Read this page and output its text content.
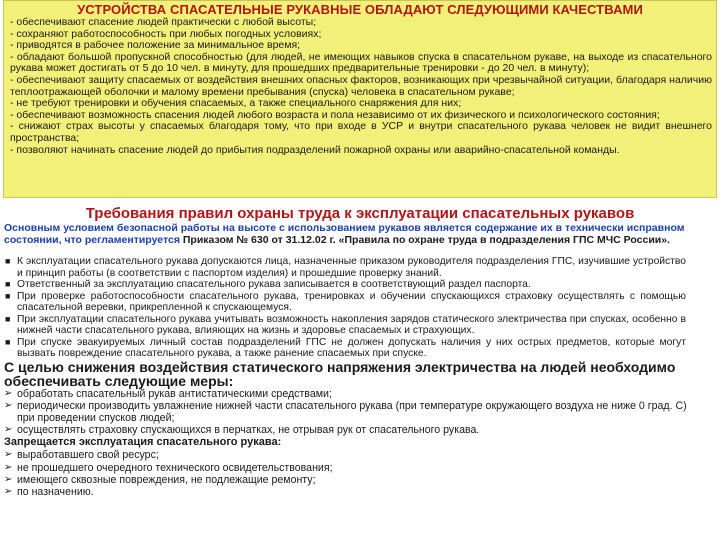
УСТРОЙСТВА СПАСАТЕЛЬНЫЕ РУКАВНЫЕ ОБЛАДАЮТ СЛЕДУЮЩИМИ КАЧЕСТВАМИ
- обеспечивают спасение людей практически с любой высоты;
- сохраняют работоспособность при любых погодных условиях;
- приводятся в рабочее положение за минимальное время;
- обладают большой пропускной способностью (для людей, не имеющих навыков спуска в спасательном рукаве, на выходе из спасательного рукава может достигать от 5 до 10 чел. в минуту, для прошедших предварительные тренировки - до 20 чел. в минуту);
- обеспечивают защиту спасаемых от воздействия внешних опасных факторов, возникающих при чрезвычайной ситуации, благодаря наличию теплоотражающей оболочки и малому времени пребывания (спуска) человека в спасательном рукаве;
- не требуют тренировки и обучения спасаемых, а также специального снаряжения для них;
- обеспечивают возможность спасения людей любого возраста и пола независимо от их физического и психологического состояния;
- снижают страх высоты у спасаемых благодаря тому, что при входе в УСР и внутри спасательного рукава человек не видит внешнего пространства;
- позволяют начинать спасение людей до прибытия подразделений пожарной охраны или аварийно-спасательной команды.
Требования правил охраны труда к эксплуатации спасательных рукавов

Основным условием безопасной работы на высоте с использованием рукавов является содержание их в технически исправном состоянии, что регламентируется Приказом № 630 от 31.12.02 г. «Правила по охране труда в подразделения ГПС МЧС России».

■ К эксплуатации спасательного рукава допускаются лица, назначенные приказом руководителя подразделения ГПС, изучившие устройство и принцип работы (в соответствии с паспортом изделия) и прошедшие проверку знаний.
■ Ответственный за эксплуатацию спасательного рукава записывается в соответствующий раздел паспорта.
■ При проверке работоспособности спасательного рукава, тренировках и обучении спускающихся страховку осуществлять с помощью спасательной веревки, прикрепленной к спускающемуся.
■ При эксплуатации спасательного рукава учитывать возможность накопления зарядов статического электричества при спусках, особенно в нижней части спасательного рукава, влияющих на жизнь и здоровье спасаемых и страхующих.
■ При спуске эвакуируемых личный состав подразделений ГПС не должен допускать наличия у них острых предметов, которые могут вызвать повреждение спасательного рукава, а также ранение спасаемых при спуске.

С целью снижения воздействия статического напряжения электричества на людей необходимо обеспечивать следующие меры:

➢ обработать спасательный рукав антистатическими средствами;
➢ периодически производить увлажнение нижней части спасательного рукава (при температуре окружающего воздуха не ниже 0 град. С) при проведении спусков людей;
➢ осуществлять страховку спускающихся в перчатках, не отрывая рук от спасательного рукава.

Запрещается эксплуатация спасательного рукава:

➢ выработавшего свой ресурс;
➢ не прошедшего очередного технического освидетельствования;
➢ имеющего сквозные повреждения, не подлежащие ремонту;
➢ по назначению.
